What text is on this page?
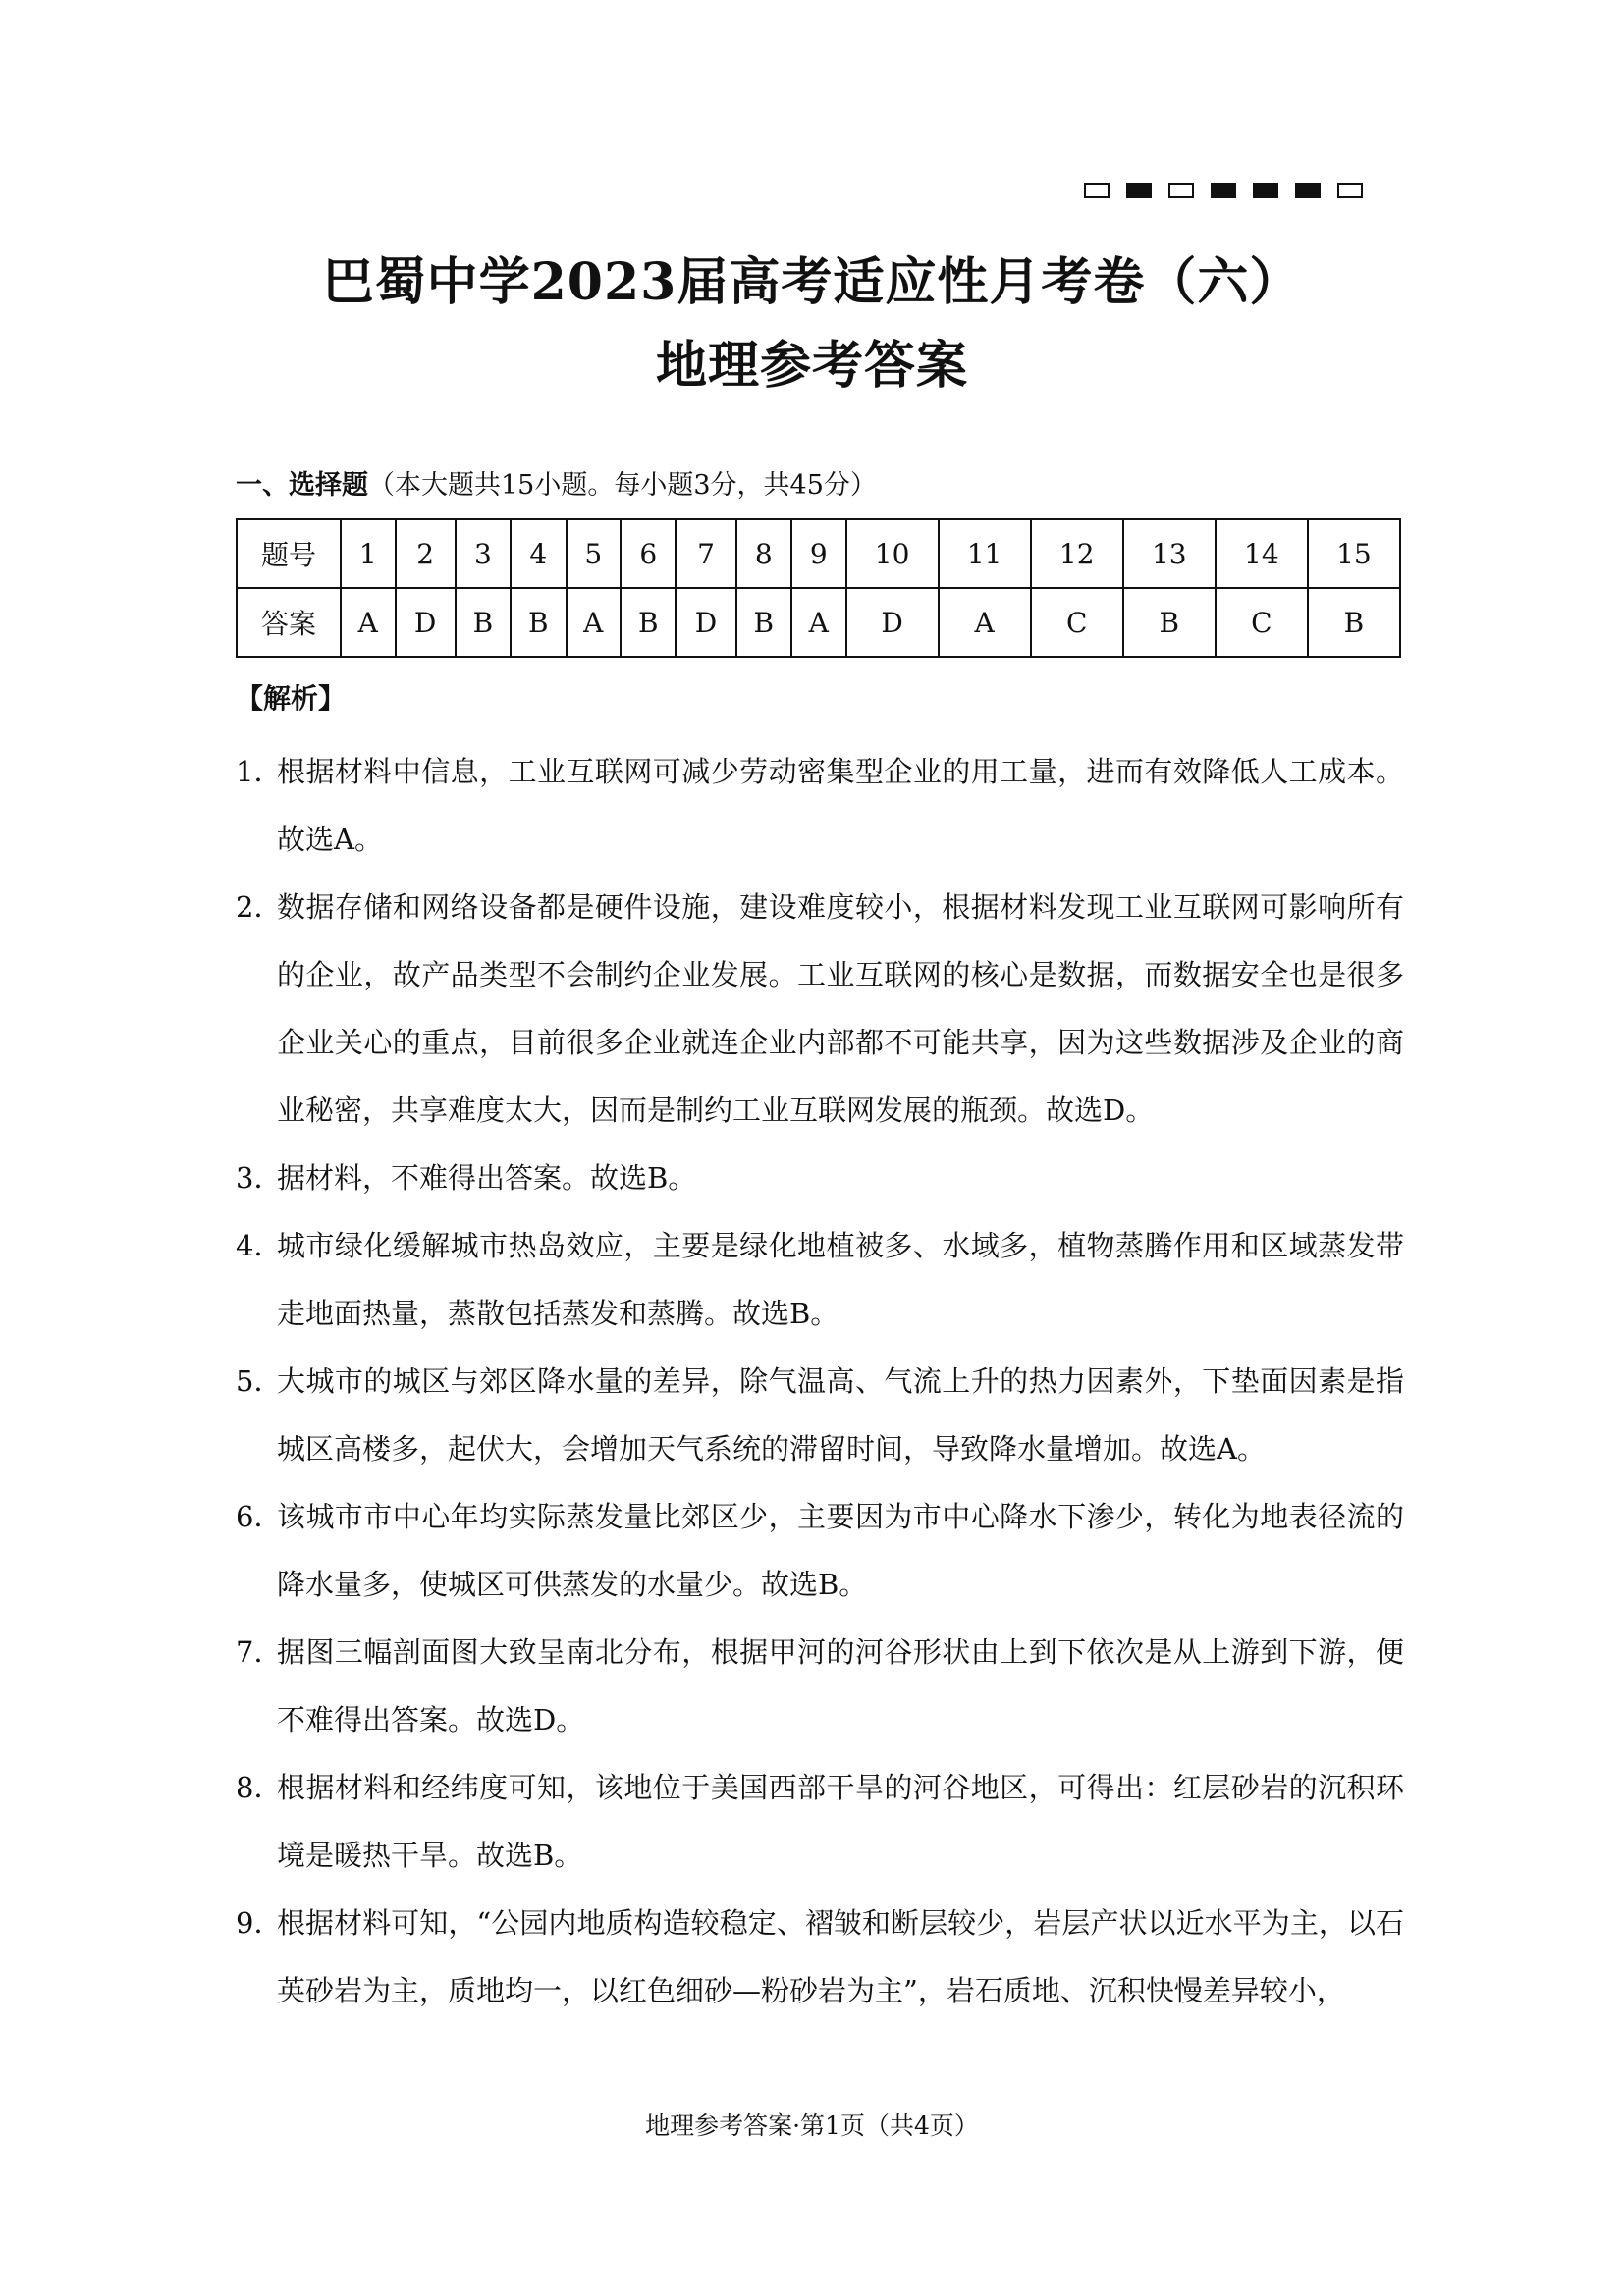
巴蜀中学2023届高考适应性月考卷（六）
地理参考答案
一、选择题（本大题共15小题。每小题3分，共45分）
题号	1	2	3	4	5	6	7	8	9	10	11	12	13	14	15
答案	A	D	B	B	A	B	D	B	A	D	A	C	B	C	B
【解析】
1．
根据材料中信息，工业互联网可减少劳动密集型企业的用工量，进而有效降低人工成本。故选A。
2．
数据存储和网络设备都是硬件设施，建设难度较小，根据材料发现工业互联网可影响所有的企业，故产品类型不会制约企业发展。工业互联网的核心是数据，而数据安全也是很多企业关心的重点，目前很多企业就连企业内部都不可能共享，因为这些数据涉及企业的商业秘密，共享难度太大，因而是制约工业互联网发展的瓶颈。故选D。
3．
据材料，不难得出答案。故选B。
4．
城市绿化缓解城市热岛效应，主要是绿化地植被多、水域多，植物蒸腾作用和区域蒸发带走地面热量，蒸散包括蒸发和蒸腾。故选B。
5．
大城市的城区与郊区降水量的差异，除气温高、气流上升的热力因素外，下垫面因素是指城区高楼多，起伏大，会增加天气系统的滞留时间，导致降水量增加。故选A。
6．
该城市市中心年均实际蒸发量比郊区少，主要因为市中心降水下渗少，转化为地表径流的降水量多，使城区可供蒸发的水量少。故选B。
7．
据图三幅剖面图大致呈南北分布，根据甲河的河谷形状由上到下依次是从上游到下游，便不难得出答案。故选D。
8．
根据材料和经纬度可知，该地位于美国西部干旱的河谷地区，可得出：红层砂岩的沉积环境是暖热干旱。故选B。
9．
根据材料可知，“公园内地质构造较稳定、褶皱和断层较少，岩层产状以近水平为主，以石英砂岩为主，质地均一，以红色细砂—粉砂岩为主”，岩石质地、沉积快慢差异较小，
地理参考答案·第1页（共4页）
